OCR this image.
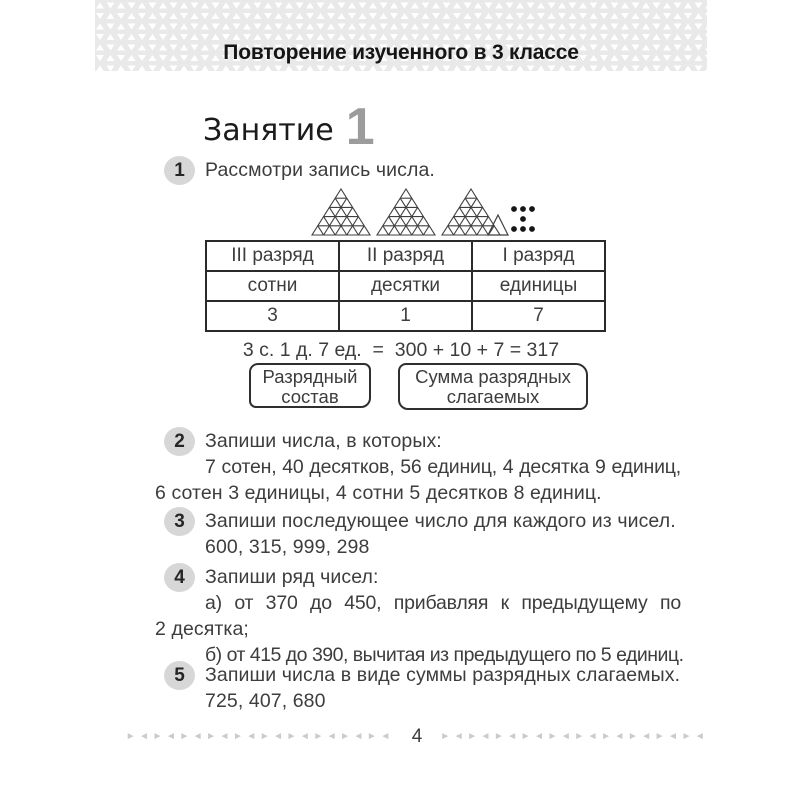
Повторение изученного в 3 классе
Занятие 1
1	Рассмотри запись числа.
III разряд	II разряд	I разряд
сотни	десятки	единицы
3	1	7
3 с. 1 д. 7 ед.  =  300 + 10 + 7 = 317
Разрядный
состав
Сумма разрядных
слагаемых
2	Запиши числа, в которых:
7 сотен, 40 десятков, 56 единиц, 4 десятка 9 единиц,
6 сотен 3 единицы, 4 сотни 5 десятков 8 единиц.
3	Запиши последующее число для каждого из чисел.
600, 315, 999, 298
4	Запиши ряд чисел:
а) от 370 до 450, прибавляя к предыдущему по
2 десятка;
б) от 415 до 390, вычитая из предыдущего по 5 единиц.
5	Запиши числа в виде суммы разрядных слагаемых.
725, 407, 680
►◄►◄►◄►◄►◄►◄►◄►◄►◄►◄ 4 ►◄►◄►◄►◄►◄►◄►◄►◄►◄►◄
